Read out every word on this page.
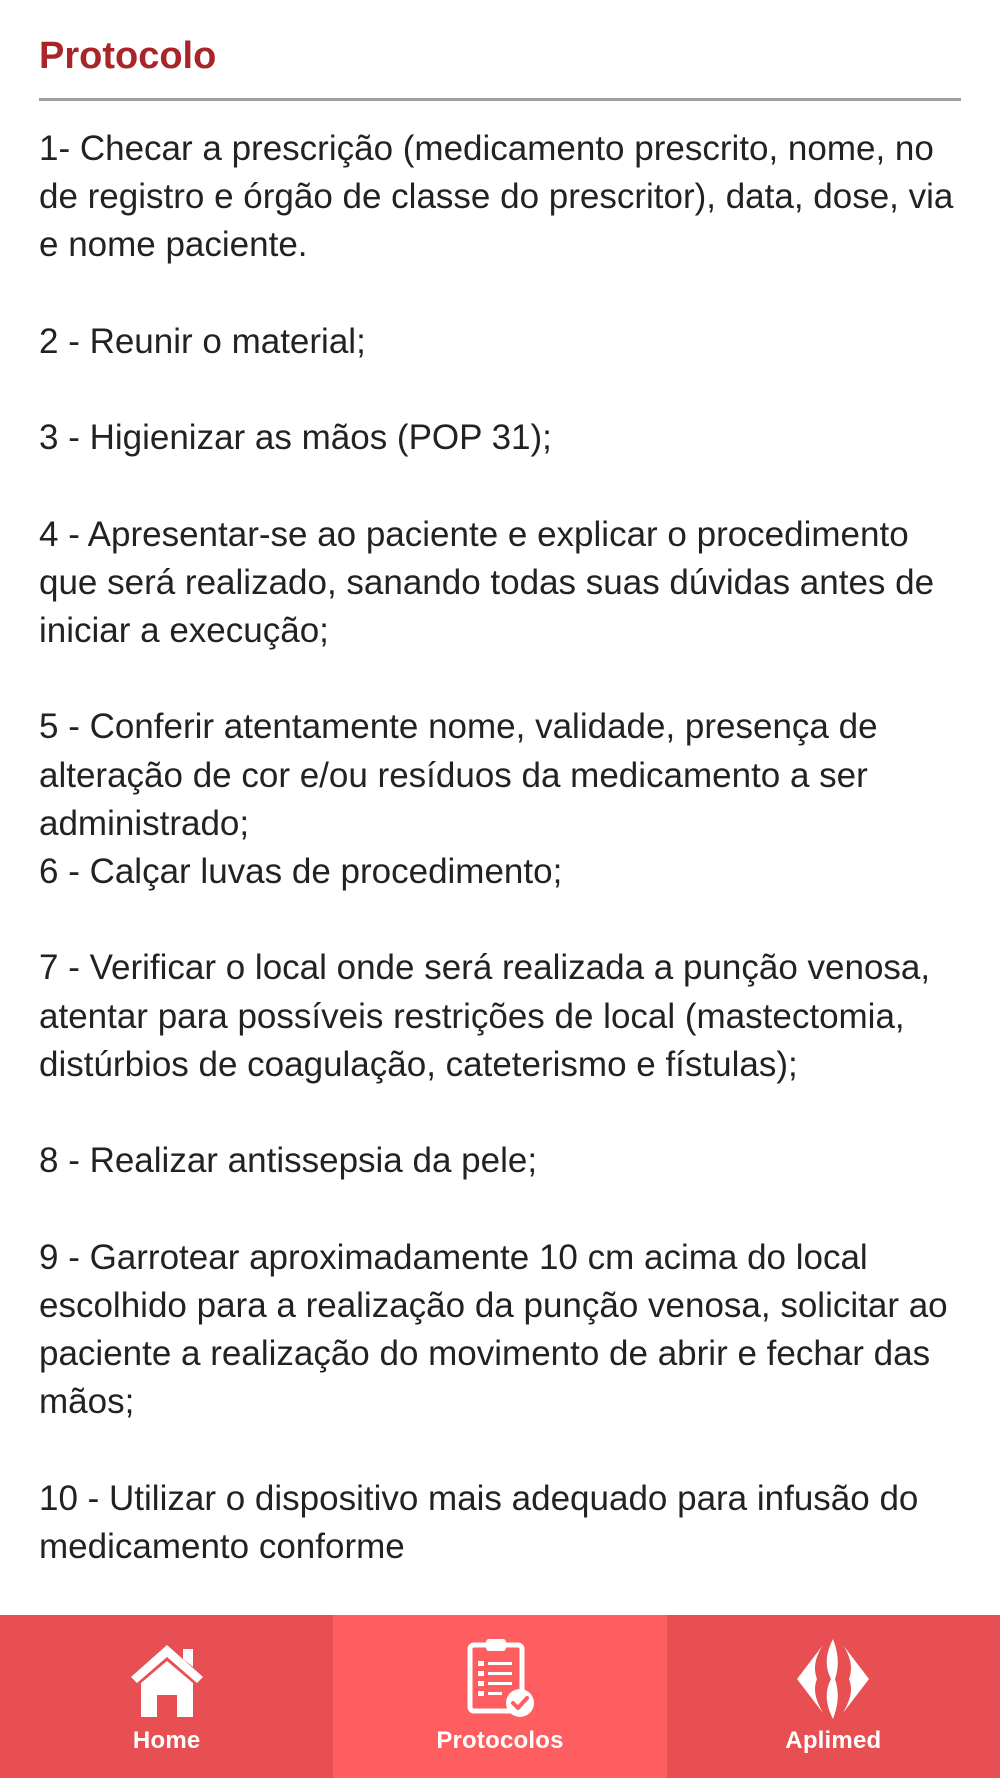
Protocolo

1- Checar a prescrição (medicamento prescrito, nome, no de registro e órgão de classe do prescritor), data, dose, via e nome paciente.

2 - Reunir o material;

3 - Higienizar as mãos (POP 31);

4 - Apresentar-se ao paciente e explicar o procedimento que será realizado, sanando todas suas dúvidas antes de iniciar a execução;

5 - Conferir atentamente nome, validade, presença de alteração de cor e/ou resíduos da medicamento a ser administrado;

6 - Calçar luvas de procedimento;

7 - Verificar o local onde será realizada a punção venosa, atentar para possíveis restrições de local (mastectomia, distúrbios de coagulação, cateterismo e fístulas);

8 - Realizar antissepsia da pele;

9 - Garrotear aproximadamente 10 cm acima do local escolhido para a realização da punção venosa, solicitar ao paciente a realização do movimento de abrir e fechar das mãos;

10 - Utilizar o dispositivo mais adequado para infusão do medicamento conforme

Home	Protocolos	Aplimed
